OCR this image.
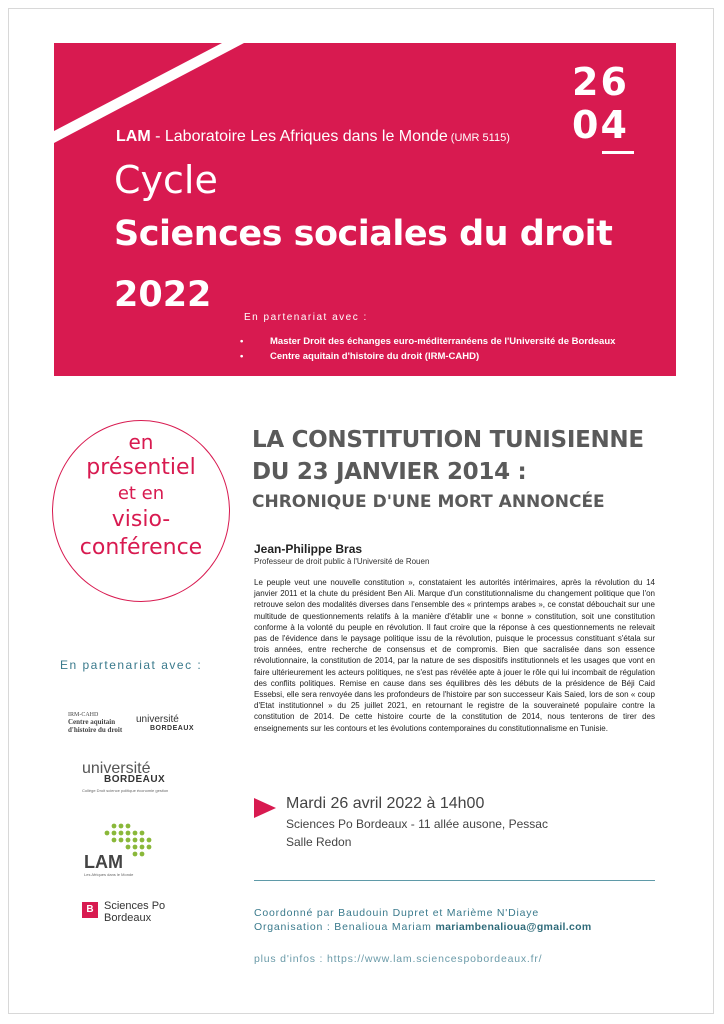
26
04
LAM - Laboratoire Les Afriques dans le Monde (UMR 5115)
Cycle
Sciences sociales du droit
2022
En partenariat avec :
•	Master Droit des échanges euro-méditerranéens de l'Université de Bordeaux
•	Centre aquitain d'histoire du droit (IRM-CAHD)
en
présentiel
et en
visio-
conférence
En partenariat avec :
IRM-CAHD
Centre aquitain
d'histoire du droit
université
BORDEAUX
université
BORDEAUX
Collège Droit science politique économie gestion
LAM
Les Afriques dans le Monde
B Sciences Po
Bordeaux
LA CONSTITUTION TUNISIENNE
DU 23 JANVIER 2014 :
CHRONIQUE D'UNE MORT ANNONCÉE
Jean-Philippe Bras
Professeur de droit public à l'Université de Rouen

Le peuple veut une nouvelle constitution », constataient les autorités intérimaires, après la révolution du 14 janvier 2011 et la chute du président Ben Ali. Marque d'un constitutionnalisme du changement politique que l'on retrouve selon des modalités diverses dans l'ensemble des « printemps arabes », ce constat débouchait sur une multitude de questionnements relatifs à la manière d'établir une « bonne » constitution, soit une constitution conforme à la volonté du peuple en révolution. Il faut croire que la réponse à ces questionnements ne relevait pas de l'évidence dans le paysage politique issu de la révolution, puisque le processus constituant s'étala sur trois années, entre recherche de consensus et de compromis. Bien que sacralisée dans son essence révolutionnaire, la constitution de 2014, par la nature de ses dispositifs institutionnels et les usages que vont en faire ultérieurement les acteurs politiques, ne s'est pas révélée apte à jouer le rôle qui lui incombait de régulation des conflits politiques. Remise en cause dans ses équilibres dès les débuts de la présidence de Béji Caid Essebsi, elle sera renvoyée dans les profondeurs de l'histoire par son successeur Kais Saied, lors de son « coup d'Etat institutionnel » du 25 juillet 2021, en retournant le registre de la souveraineté populaire contre la constitution de 2014. De cette histoire courte de la constitution de 2014, nous tenterons de tirer des enseignements sur les contours et les évolutions contemporaines du constitutionnalisme en Tunisie.

Mardi 26 avril 2022 à 14h00
Sciences Po Bordeaux - 11 allée ausone, Pessac
Salle Redon
Coordonné par Baudouin Dupret et Marième N'Diaye
Organisation : Benalioua Mariam mariambenalioua@gmail.com
plus d'infos : https://www.lam.sciencespobordeaux.fr/
